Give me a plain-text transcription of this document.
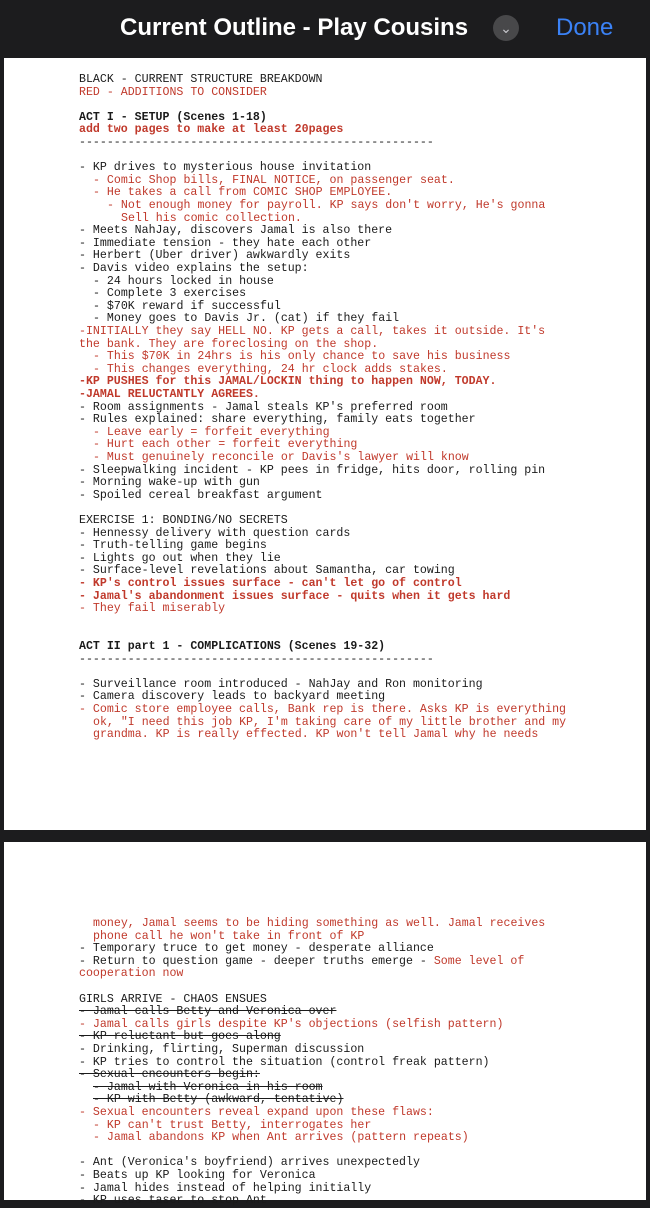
Current Outline - Play Cousins	⌄ Done
BLACK - CURRENT STRUCTURE BREAKDOWN
RED - ADDITIONS TO CONSIDER
ACT I - SETUP (Scenes 1-18)
add two pages to make at least 20pages
---------------------------------------------------
- KP drives to mysterious house invitation
- Comic Shop bills, FINAL NOTICE, on passenger seat.
- He takes a call from COMIC SHOP EMPLOYEE.
- Not enough money for payroll. KP says don't worry, He's gonna
Sell his comic collection.
- Meets NahJay, discovers Jamal is also there
- Immediate tension - they hate each other
- Herbert (Uber driver) awkwardly exits
- Davis video explains the setup:
- 24 hours locked in house
- Complete 3 exercises
- $70K reward if successful
- Money goes to Davis Jr. (cat) if they fail
-INITIALLY they say HELL NO. KP gets a call, takes it outside. It's
the bank. They are foreclosing on the shop.
- This $70K in 24hrs is his only chance to save his business
- This changes everything, 24 hr clock adds stakes.
-KP PUSHES for this JAMAL/LOCKIN thing to happen NOW, TODAY.
-JAMAL RELUCTANTLY AGREES.
- Room assignments - Jamal steals KP's preferred room
- Rules explained: share everything, family eats together
- Leave early = forfeit everything
- Hurt each other = forfeit everything
- Must genuinely reconcile or Davis's lawyer will know
- Sleepwalking incident - KP pees in fridge, hits door, rolling pin
- Morning wake-up with gun
- Spoiled cereal breakfast argument
EXERCISE 1: BONDING/NO SECRETS
- Hennessy delivery with question cards
- Truth-telling game begins
- Lights go out when they lie
- Surface-level revelations about Samantha, car towing
- KP's control issues surface - can't let go of control
- Jamal's abandonment issues surface - quits when it gets hard
- They fail miserably
ACT II part 1 - COMPLICATIONS (Scenes 19-32)
---------------------------------------------------
- Surveillance room introduced - NahJay and Ron monitoring
- Camera discovery leads to backyard meeting
- Comic store employee calls, Bank rep is there. Asks KP is everything
ok, "I need this job KP, I'm taking care of my little brother and my
grandma. KP is really effected. KP won't tell Jamal why he needs
money, Jamal seems to be hiding something as well. Jamal receives
phone call he won't take in front of KP
- Temporary truce to get money - desperate alliance
- Return to question game - deeper truths emerge - Some level of
cooperation now
GIRLS ARRIVE - CHAOS ENSUES
- Jamal calls Betty and Veronica over
- Jamal calls girls despite KP's objections (selfish pattern)
- KP reluctant but goes along
- Drinking, flirting, Superman discussion
- KP tries to control the situation (control freak pattern)
- Sexual encounters begin:
- Jamal with Veronica in his room
- KP with Betty (awkward, tentative)
- Sexual encounters reveal expand upon these flaws:
- KP can't trust Betty, interrogates her
- Jamal abandons KP when Ant arrives (pattern repeats)
- Ant (Veronica's boyfriend) arrives unexpectedly
- Beats up KP looking for Veronica
- Jamal hides instead of helping initially
- KP uses taser to stop Ant
